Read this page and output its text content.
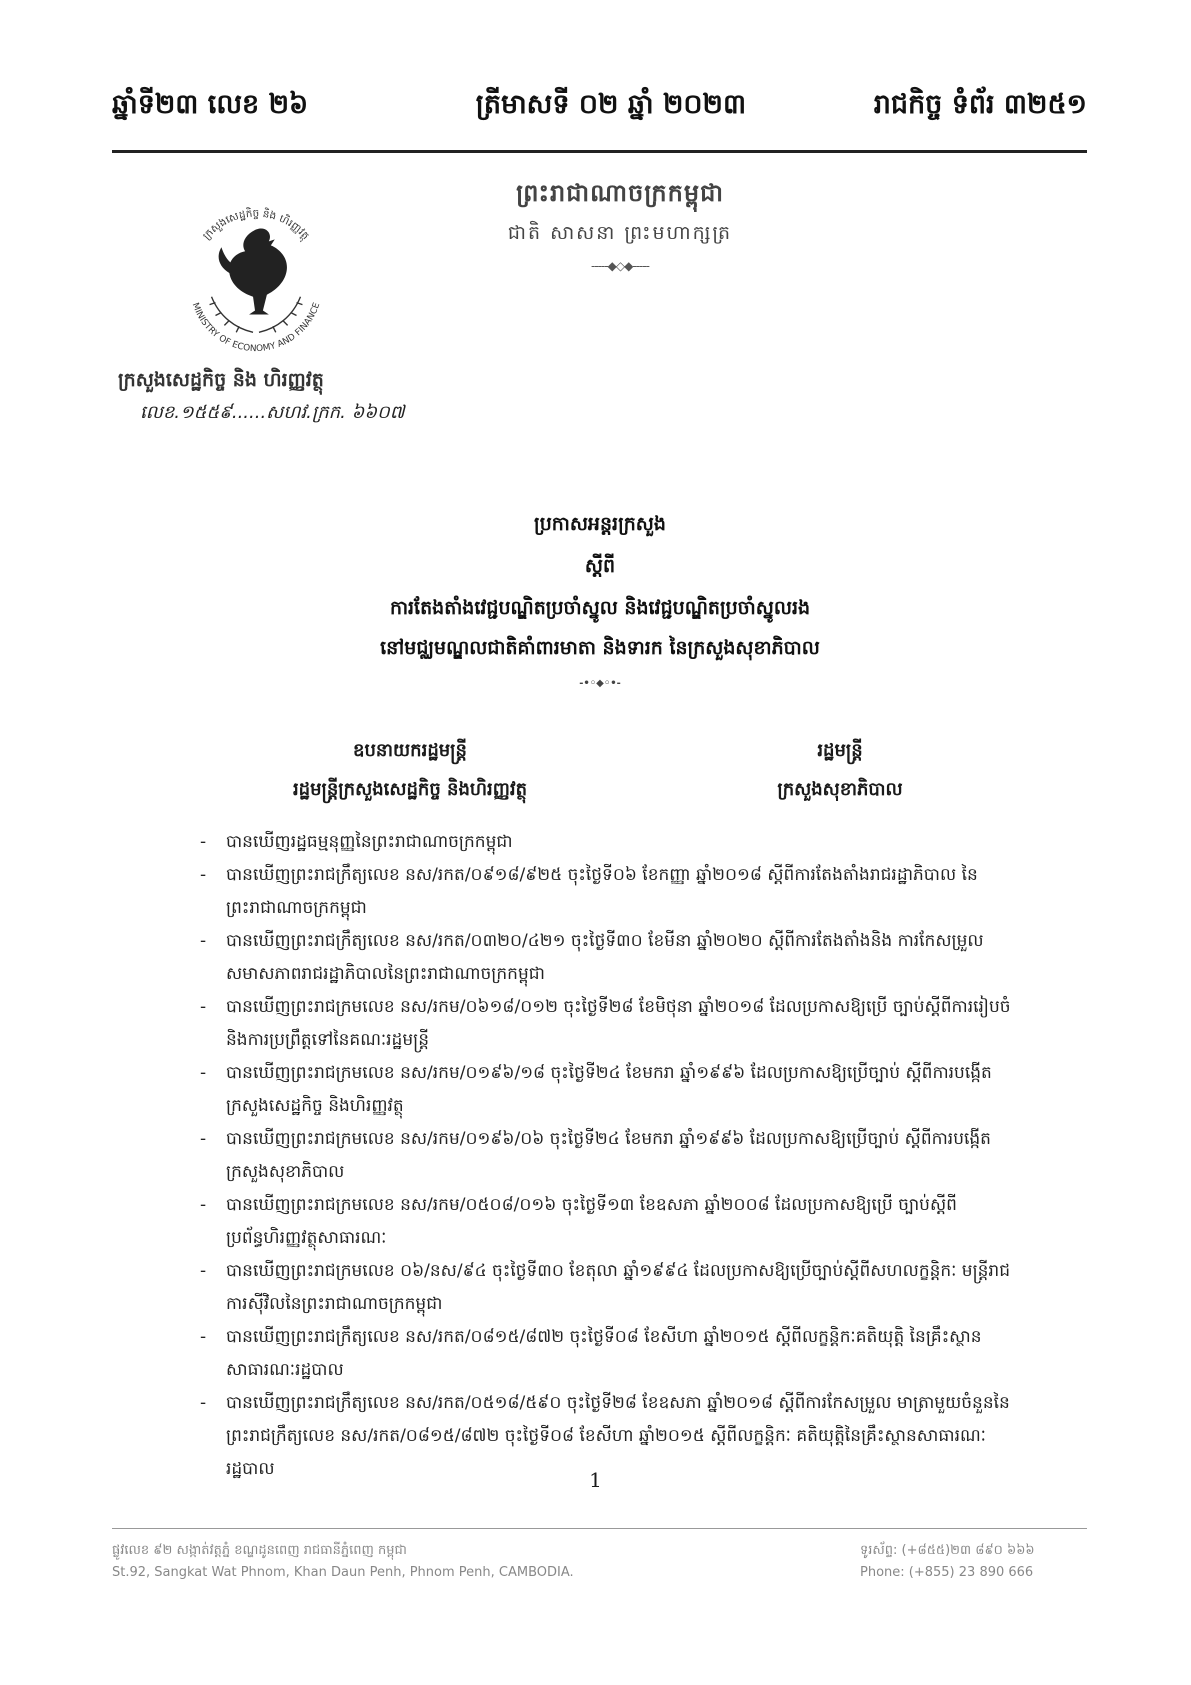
ឆ្នាំទី២៣ លេខ ២៦	ត្រីមាសទី ០២ ឆ្នាំ ២០២៣	រាជកិច្ច ទំព័រ ៣២៥១
ព្រះរាជាណាចក្រកម្ពុជា
ជាតិ សាសនា ព្រះមហាក្សត្រ
-----◆◇◆-----
ក្រសួងសេដ្ឋកិច្ច និង ហិរញ្ញវត្ថុ
MINISTRY OF ECONOMY AND FINANCE
ក្រសួងសេដ្ឋកិច្ច និង ហិរញ្ញវត្ថុ
លេខ.១៥៥៩......សហវ.ក្រក. ៦៦០៧
ប្រកាសអន្តរក្រសួង
ស្តីពី
ការតែងតាំងវេជ្ជបណ្ឌិតប្រចាំស្នូល និងវេជ្ជបណ្ឌិតប្រចាំស្នូលរង
នៅមជ្ឈមណ្ឌលជាតិគាំពារមាតា និងទារក នៃក្រសួងសុខាភិបាល
-•◦◆◦•-
ឧបនាយករដ្ឋមន្ត្រី
រដ្ឋមន្ត្រីក្រសួងសេដ្ឋកិច្ច និងហិរញ្ញវត្ថុ
រដ្ឋមន្ត្រី
ក្រសួងសុខាភិបាល
- បានឃើញរដ្ឋធម្មនុញ្ញនៃព្រះរាជាណាចក្រកម្ពុជា
- បានឃើញព្រះរាជក្រឹត្យលេខ នស/រកត/០៩១៨/៩២៥ ចុះថ្ងៃទី០៦ ខែកញ្ញា ឆ្នាំ២០១៨ ស្តីពីការតែងតាំងរាជរដ្ឋាភិបាល នៃព្រះរាជាណាចក្រកម្ពុជា
- បានឃើញព្រះរាជក្រឹត្យលេខ នស/រកត/០៣២០/៤២១ ចុះថ្ងៃទី៣០ ខែមីនា ឆ្នាំ២០២០ ស្តីពីការតែងតាំងនិង ការកែសម្រួលសមាសភាពរាជរដ្ឋាភិបាលនៃព្រះរាជាណាចក្រកម្ពុជា
- បានឃើញព្រះរាជក្រមលេខ នស/រកម/០៦១៨/០១២ ចុះថ្ងៃទី២៨ ខែមិថុនា ឆ្នាំ២០១៨ ដែលប្រកាសឱ្យប្រើ ច្បាប់ស្តីពីការរៀបចំនិងការប្រព្រឹត្តទៅនៃគណៈរដ្ឋមន្ត្រី
- បានឃើញព្រះរាជក្រមលេខ នស/រកម/០១៩៦/១៨ ចុះថ្ងៃទី២៤ ខែមករា ឆ្នាំ១៩៩៦ ដែលប្រកាសឱ្យប្រើច្បាប់ ស្តីពីការបង្កើតក្រសួងសេដ្ឋកិច្ច និងហិរញ្ញវត្ថុ
- បានឃើញព្រះរាជក្រមលេខ នស/រកម/០១៩៦/០៦ ចុះថ្ងៃទី២៤ ខែមករា ឆ្នាំ១៩៩៦ ដែលប្រកាសឱ្យប្រើច្បាប់ ស្តីពីការបង្កើតក្រសួងសុខាភិបាល
- បានឃើញព្រះរាជក្រមលេខ នស/រកម/០៥០៨/០១៦ ចុះថ្ងៃទី១៣ ខែឧសភា ឆ្នាំ២០០៨ ដែលប្រកាសឱ្យប្រើ ច្បាប់ស្តីពីប្រព័ន្ធហិរញ្ញវត្ថុសាធារណៈ
- បានឃើញព្រះរាជក្រមលេខ ០៦/នស/៩៤ ចុះថ្ងៃទី៣០ ខែតុលា ឆ្នាំ១៩៩៤ ដែលប្រកាសឱ្យប្រើច្បាប់ស្តីពីសហលក្ខន្តិកៈ មន្ត្រីរាជការស៊ីវិលនៃព្រះរាជាណាចក្រកម្ពុជា
- បានឃើញព្រះរាជក្រឹត្យលេខ នស/រកត/០៨១៥/៨៧២ ចុះថ្ងៃទី០៨ ខែសីហា ឆ្នាំ២០១៥ ស្តីពីលក្ខន្តិកៈគតិយុត្តិ នៃគ្រឹះស្ថានសាធារណៈរដ្ឋបាល
- បានឃើញព្រះរាជក្រឹត្យលេខ នស/រកត/០៥១៨/៥៩០ ចុះថ្ងៃទី២៨ ខែឧសភា ឆ្នាំ២០១៨ ស្តីពីការកែសម្រួល មាត្រាមួយចំនួននៃព្រះរាជក្រឹត្យលេខ នស/រកត/០៨១៥/៨៧២ ចុះថ្ងៃទី០៨ ខែសីហា ឆ្នាំ២០១៥ ស្តីពីលក្ខន្តិកៈ គតិយុត្តិនៃគ្រឹះស្ថានសាធារណៈរដ្ឋបាល	1
ផ្លូវលេខ ៩២ សង្កាត់វត្តភ្នំ ខណ្ឌដូនពេញ រាជធានីភ្នំពេញ កម្ពុជា
St.92, Sangkat Wat Phnom, Khan Daun Penh, Phnom Penh, CAMBODIA.
ទូរស័ព្ទ: (+៨៥៥)២៣ ៨៩០ ៦៦៦
Phone: (+855) 23 890 666
